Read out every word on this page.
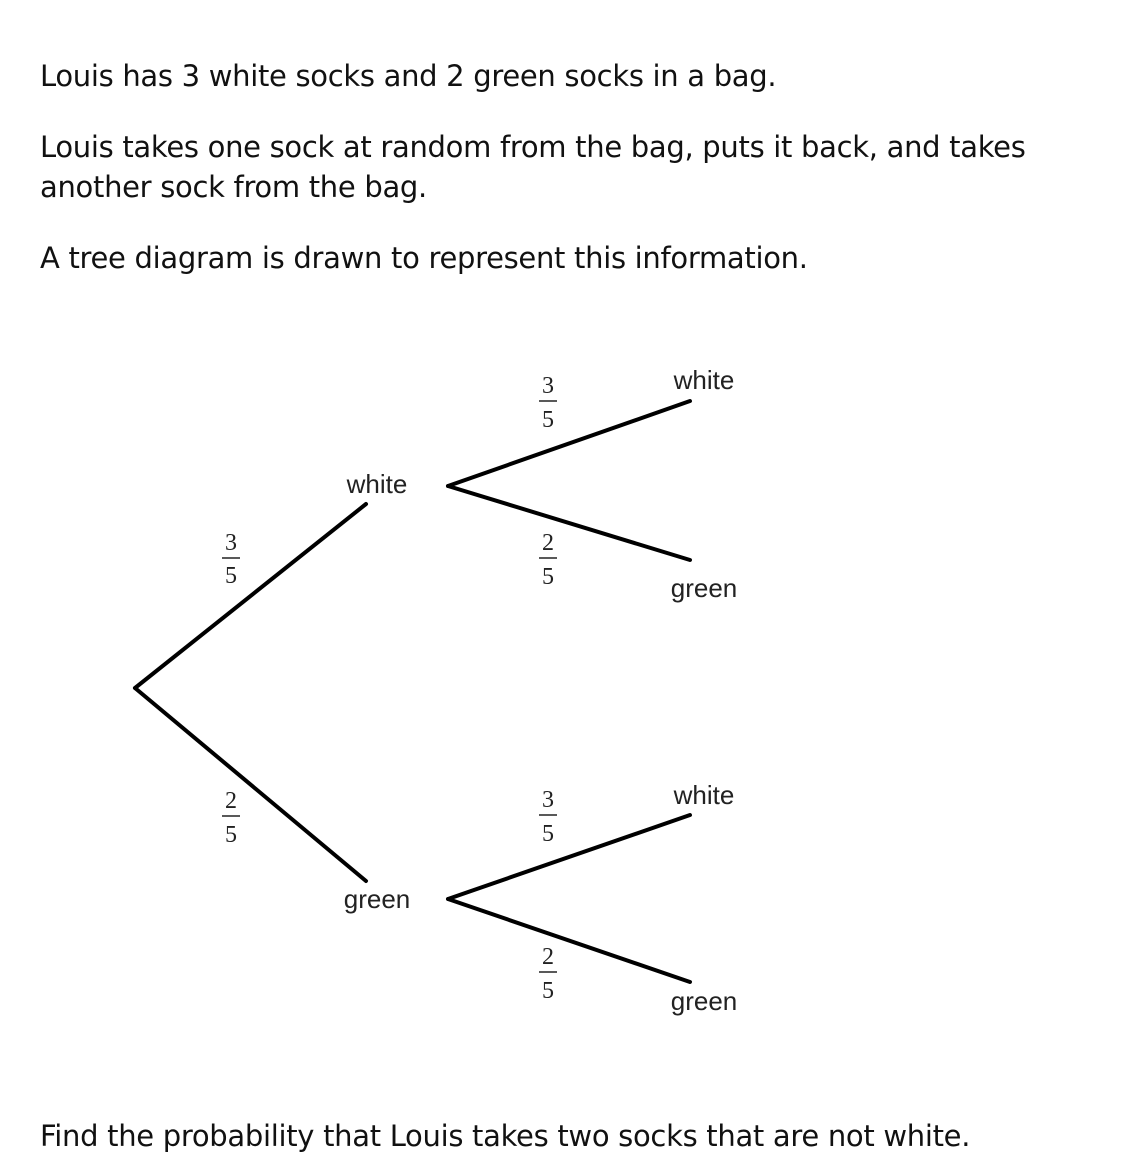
Louis has 3 white socks and 2 green socks in a bag.

Louis takes one sock at random from the bag, puts it back, and takes another sock from the bag.

A tree diagram is drawn to represent this information.

white
green
white
green
white
green
3
5
2
5
3
5
2
5
3
5
2
5

Find the probability that Louis takes two socks that are not white.
